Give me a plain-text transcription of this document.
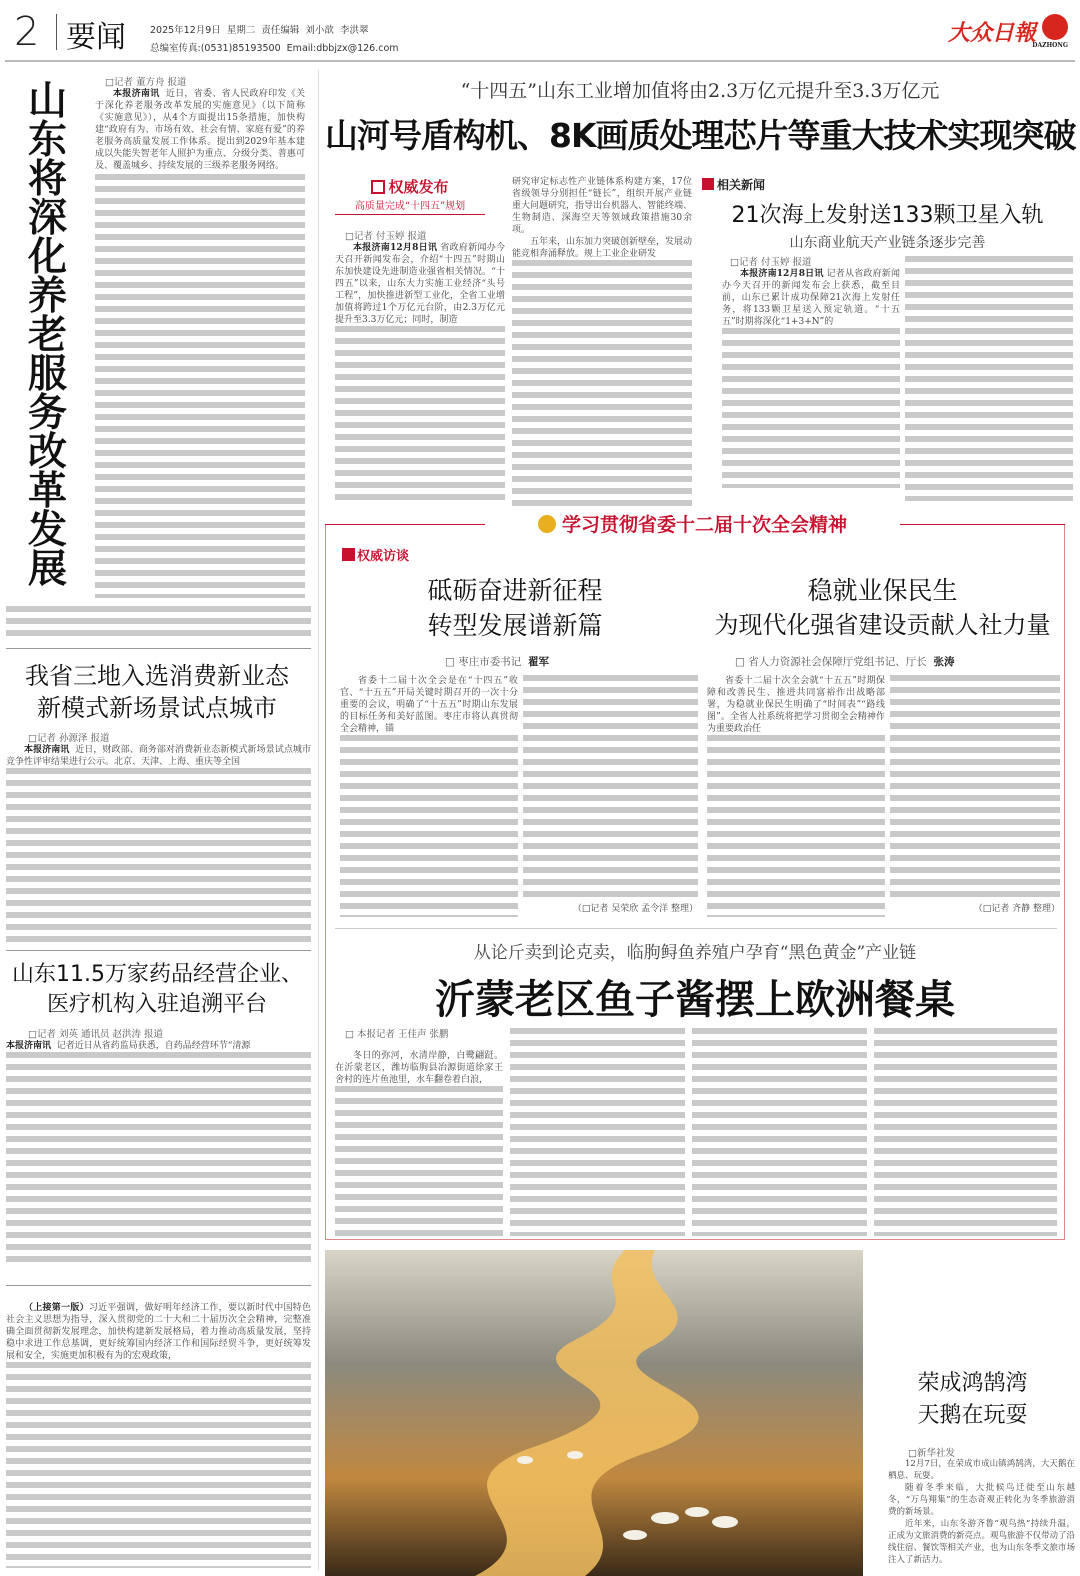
2 要闻	2025年12月9日  星期二  责任编辑  刘小歆  李洪翠
总编室传真:(0531)85193500  Email:dbbjzx@126.com
大众日報
DAZHONG
山东将深化养老服务改革发展
□记者 董方舟 报道
本报济南讯 近日，省委、省人民政府印发《关于深化养老服务改革发展的实施意见》（以下简称《实施意见》），从4个方面提出15条措施，加快构建“政府有为、市场有效、社会有情、家庭有爱”的养老服务高质量发展工作体系。提出到2029年基本建成以失能失智老年人照护为重点、分级分类、普惠可及、覆盖城乡、持续发展的三级养老服务网络。
我省三地入选消费新业态
新模式新场景试点城市
□记者 孙源泽 报道
本报济南讯 近日，财政部、商务部对消费新业态新模式新场景试点城市竞争性评审结果进行公示。北京、天津、上海、重庆等全国
山东11.5万家药品经营企业、
医疗机构入驻追溯平台
□记者 刘英 通讯员 赵洪涛 报道
本报济南讯 记者近日从省药监局获悉，自药品经营环节“清源
（上接第一版）习近平强调，做好明年经济工作，要以新时代中国特色社会主义思想为指导，深入贯彻党的二十大和二十届历次全会精神，完整准确全面贯彻新发展理念，加快构建新发展格局，着力推动高质量发展，坚持稳中求进工作总基调，更好统筹国内经济工作和国际经贸斗争，更好统筹发展和安全，实施更加积极有为的宏观政策，
“十四五”山东工业增加值将由2.3万亿元提升至3.3万亿元
山河号盾构机、8K画质处理芯片等重大技术实现突破
权威发布
高质量完成“十四五”规划
□记者 付玉婷 报道
本报济南12月8日讯 省政府新闻办今天召开新闻发布会，介绍“十四五”时期山东加快建设先进制造业强省相关情况。“十四五”以来，山东大力实施工业经济“头号工程”，加快推进新型工业化，全省工业增加值将跨过1个万亿元台阶，由2.3万亿元提升至3.3万亿元；同时，制造
研究审定标志性产业链体系构建方案，17位省级领导分别担任“链长”，组织开展产业链重大问题研究，指导出台机器人、智能终端、生物制造、深海空天等领域政策措施30余项。
五年来，山东加力突破创新壁垒，发展动能竞相奔涌释放。规上工业企业研发
相关新闻
21次海上发射送133颗卫星入轨
山东商业航天产业链条逐步完善
□记者 付玉婷 报道
本报济南12月8日讯 记者从省政府新闻办今天召开的新闻发布会上获悉，截至目前，山东已累计成功保障21次海上发射任务，将133颗卫星送入预定轨道。“十五五”时期将深化“1+3+N”的
学习贯彻省委十二届十次全会精神
权威访谈
砥砺奋进新征程
转型发展谱新篇
□ 枣庄市委书记 翟军
省委十二届十次全会是在“十四五”收官、“十五五”开局关键时期召开的一次十分重要的会议，明确了“十五五”时期山东发展的目标任务和美好蓝图。枣庄市将认真贯彻全会精神，锚
（□记者 吴荣欣 孟令洋 整理）
稳就业保民生
为现代化强省建设贡献人社力量
□ 省人力资源社会保障厅党组书记、厅长 张涛
省委十二届十次全会就“十五五”时期保障和改善民生、推进共同富裕作出战略部署，为稳就业保民生明确了“时间表”“路线图”。全省人社系统将把学习贯彻全会精神作为重要政治任
（□记者 齐静 整理）
从论斤卖到论克卖，临朐鲟鱼养殖户孕育“黑色黄金”产业链
沂蒙老区鱼子酱摆上欧洲餐桌
□ 本报记者 王佳声 张鹏
冬日的弥河，水清岸静，白鹭翩跹。在沂蒙老区，潍坊临朐县冶源街道徐家王舍村的连片鱼池里，水车翻卷着白浪，
荣成鸿鹄湾
天鹅在玩耍
□新华社发
12月7日，在荣成市成山镇鸿鹄湾，大天鹅在栖息、玩耍。
随着冬季来临，大批候鸟迁徙至山东越冬，“万鸟翔集”的生态奇观正转化为冬季旅游消费的新场景。
近年来，山东冬游齐鲁“观鸟热”持续升温，正成为文旅消费的新亮点。观鸟旅游不仅带动了沿线住宿、餐饮等相关产业，也为山东冬季文旅市场注入了新活力。
